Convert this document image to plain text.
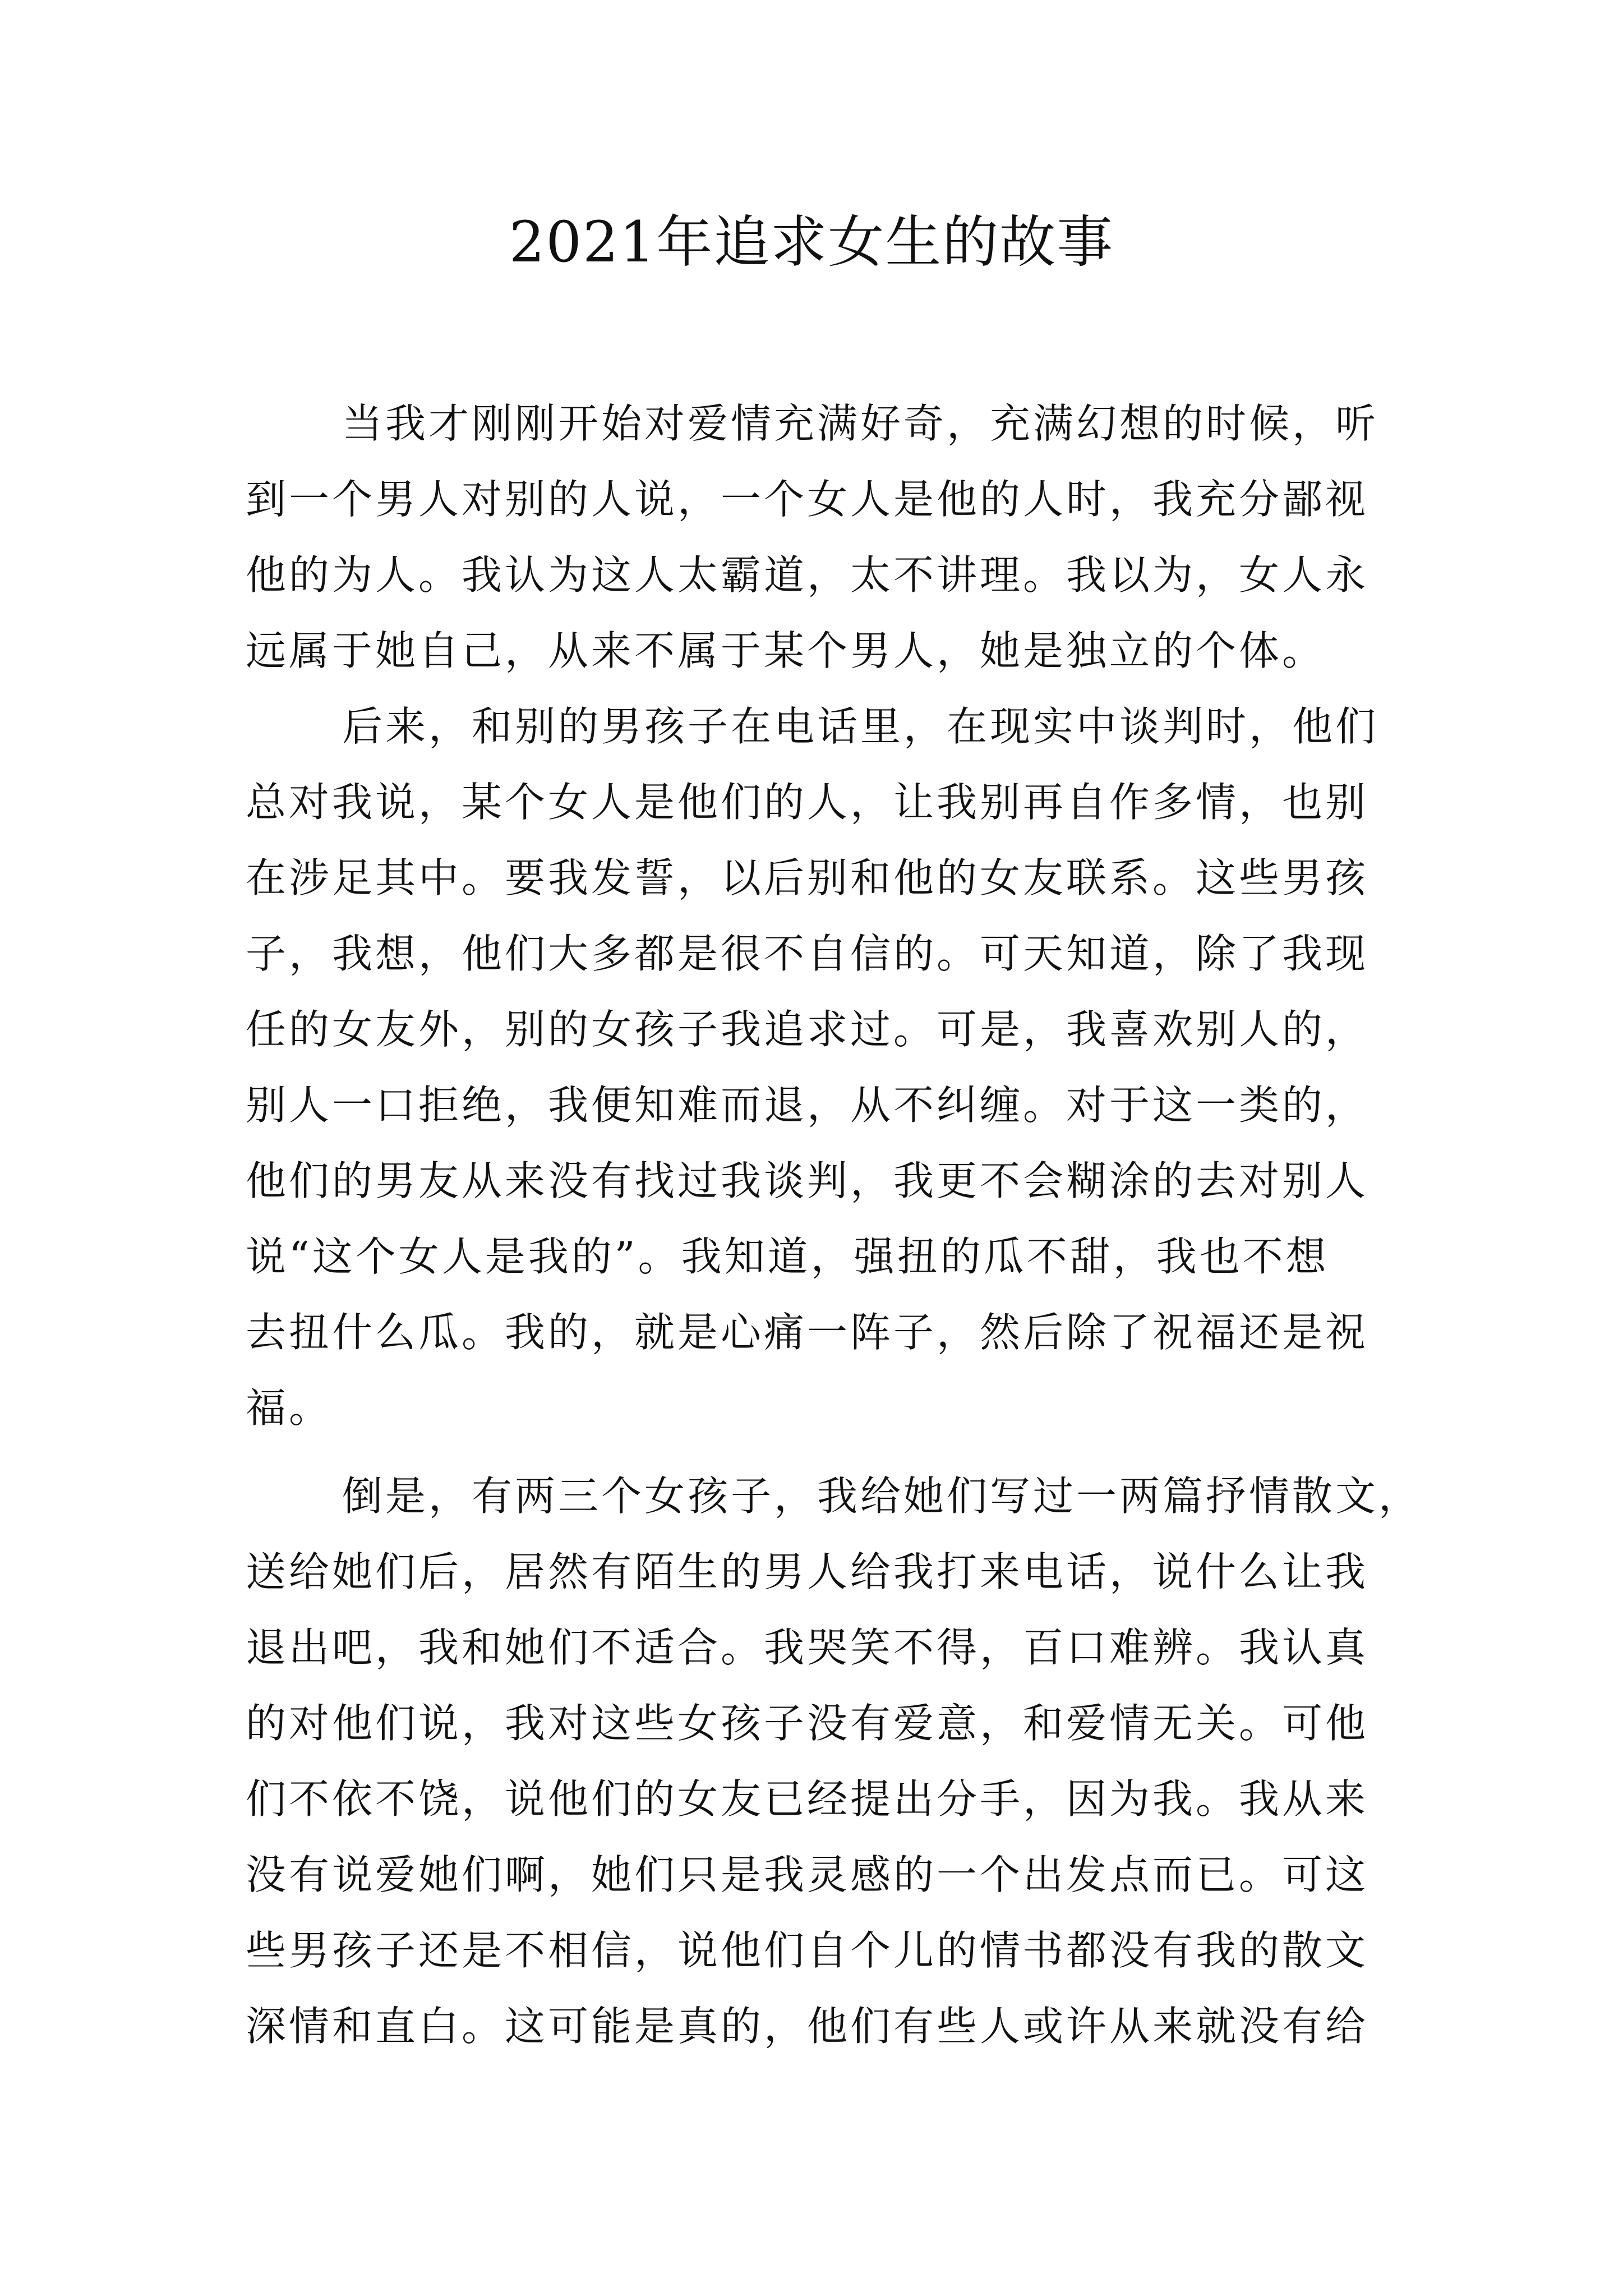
2021年追求女生的故事
当我才刚刚开始对爱情充满好奇，充满幻想的时候，听
到一个男人对别的人说，一个女人是他的人时，我充分鄙视
他的为人。我认为这人太霸道，太不讲理。我以为，女人永
远属于她自己，从来不属于某个男人，她是独立的个体。
后来，和别的男孩子在电话里，在现实中谈判时，他们
总对我说，某个女人是他们的人，让我别再自作多情，也别
在涉足其中。要我发誓，以后别和他的女友联系。这些男孩
子，我想，他们大多都是很不自信的。可天知道，除了我现
任的女友外，别的女孩子我追求过。可是，我喜欢别人的，
别人一口拒绝，我便知难而退，从不纠缠。对于这一类的，
他们的男友从来没有找过我谈判，我更不会糊涂的去对别人
说“这个女人是我的”。我知道，强扭的瓜不甜，我也不想
去扭什么瓜。我的，就是心痛一阵子，然后除了祝福还是祝
福。
倒是，有两三个女孩子，我给她们写过一两篇抒情散文，
送给她们后，居然有陌生的男人给我打来电话，说什么让我
退出吧，我和她们不适合。我哭笑不得，百口难辨。我认真
的对他们说，我对这些女孩子没有爱意，和爱情无关。可他
们不依不饶，说他们的女友已经提出分手，因为我。我从来
没有说爱她们啊，她们只是我灵感的一个出发点而已。可这
些男孩子还是不相信，说他们自个儿的情书都没有我的散文
深情和直白。这可能是真的，他们有些人或许从来就没有给
